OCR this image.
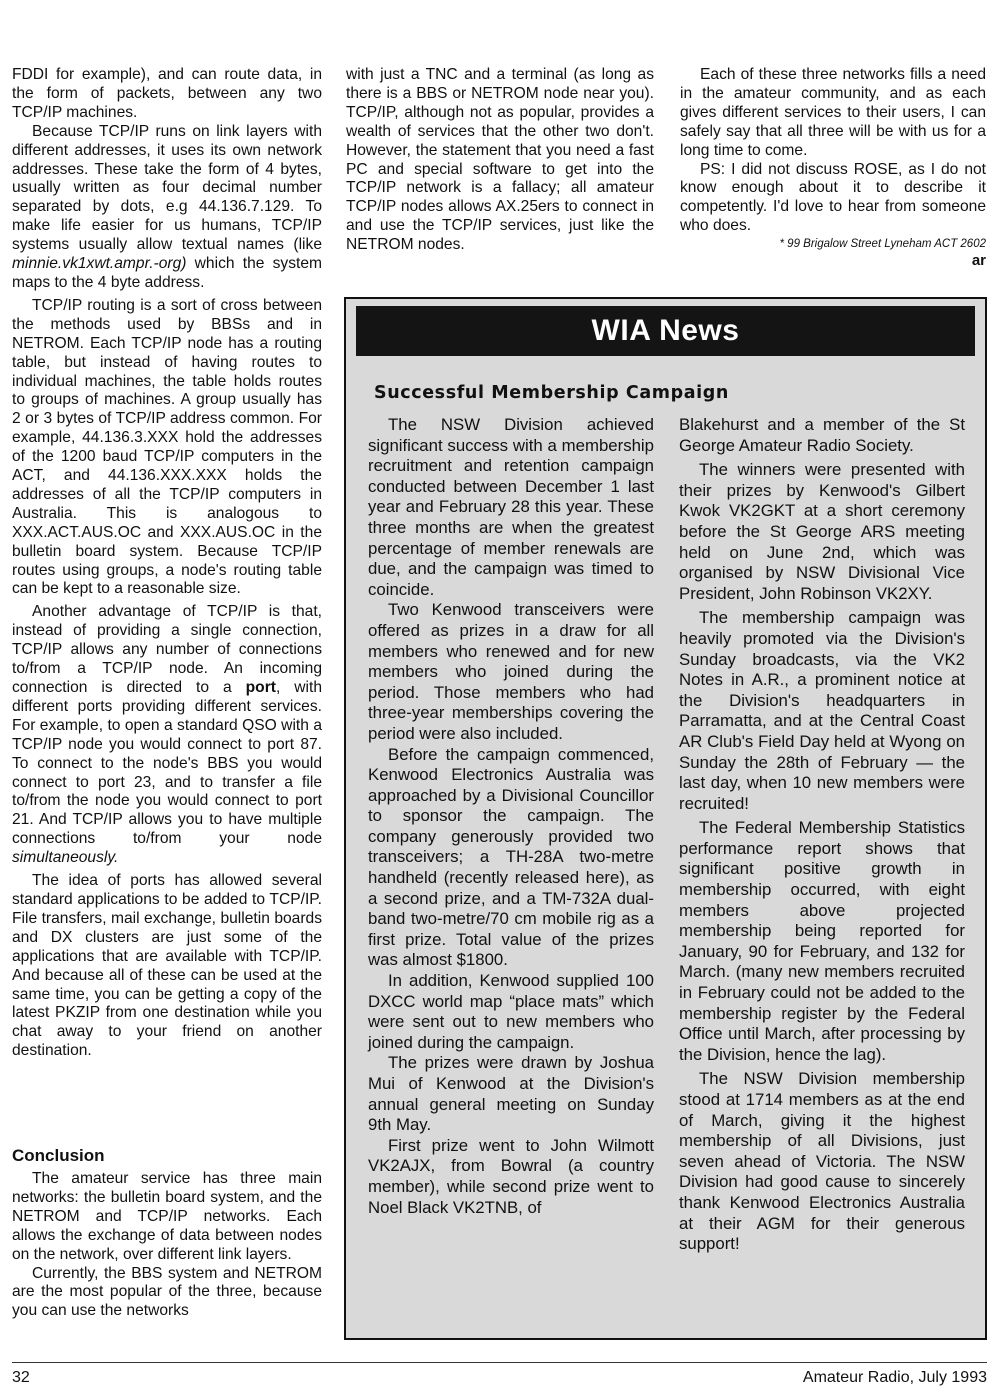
FDDI for example), and can route data, in the form of packets, between any two TCP/IP machines.

Because TCP/IP runs on link layers with different addresses, it uses its own network addresses. These take the form of 4 bytes, usually written as four decimal number separated by dots, e.g 44.136.7.129. To make life easier for us humans, TCP/IP systems usually allow textual names (like minnie.vk1xwt.ampr.-org) which the system maps to the 4 byte address.

TCP/IP routing is a sort of cross between the methods used by BBSs and in NETROM. Each TCP/IP node has a routing table, but instead of having routes to individual machines, the table holds routes to groups of machines. A group usually has 2 or 3 bytes of TCP/IP address common. For example, 44.136.3.XXX hold the addresses of the 1200 baud TCP/IP computers in the ACT, and 44.136.XXX.XXX holds the addresses of all the TCP/IP computers in Australia. This is analogous to XXX.ACT.AUS.OC and XXX.AUS.OC in the bulletin board system. Because TCP/IP routes using groups, a node's routing table can be kept to a reasonable size.

Another advantage of TCP/IP is that, instead of providing a single connection, TCP/IP allows any number of connections to/from a TCP/IP node. An incoming connection is directed to a port, with different ports providing different services. For example, to open a standard QSO with a TCP/IP node you would connect to port 87. To connect to the node's BBS you would connect to port 23, and to transfer a file to/from the node you would connect to port 21. And TCP/IP allows you to have multiple connections to/from your node simultaneously.

The idea of ports has allowed several standard applications to be added to TCP/IP. File transfers, mail exchange, bulletin boards and DX clusters are just some of the applications that are available with TCP/IP. And because all of these can be used at the same time, you can be getting a copy of the latest PKZIP from one destination while you chat away to your friend on another destination.

Conclusion

The amateur service has three main networks: the bulletin board system, and the NETROM and TCP/IP networks. Each allows the exchange of data between nodes on the network, over different link layers.

Currently, the BBS system and NETROM are the most popular of the three, because you can use the networks

with just a TNC and a terminal (as long as there is a BBS or NETROM node near you). TCP/IP, although not as popular, provides a wealth of services that the other two don't. However, the statement that you need a fast PC and special software to get into the TCP/IP network is a fallacy; all amateur TCP/IP nodes allows AX.25ers to connect in and use the TCP/IP services, just like the NETROM nodes.

Each of these three networks fills a need in the amateur community, and as each gives different services to their users, I can safely say that all three will be with us for a long time to come.

PS: I did not discuss ROSE, as I do not know enough about it to describe it competently. I'd love to hear from someone who does.

* 99 Brigalow Street Lyneham ACT 2602
ar
WIA News
Successful Membership Campaign

The NSW Division achieved significant success with a membership recruitment and retention campaign conducted between December 1 last year and February 28 this year. These three months are when the greatest percentage of member renewals are due, and the campaign was timed to coincide.

Two Kenwood transceivers were offered as prizes in a draw for all members who renewed and for new members who joined during the period. Those members who had three-year memberships covering the period were also included.

Before the campaign commenced, Kenwood Electronics Australia was approached by a Divisional Councillor to sponsor the campaign. The company generously provided two transceivers; a TH-28A two-metre handheld (recently released here), as a second prize, and a TM-732A dual-band two-metre/70 cm mobile rig as a first prize. Total value of the prizes was almost $1800.

In addition, Kenwood supplied 100 DXCC world map “place mats” which were sent out to new members who joined during the campaign.

The prizes were drawn by Joshua Mui of Kenwood at the Division's annual general meeting on Sunday 9th May.

First prize went to John Wilmott VK2AJX, from Bowral (a country member), while second prize went to Noel Black VK2TNB, of

Blakehurst and a member of the St George Amateur Radio Society.

The winners were presented with their prizes by Kenwood's Gilbert Kwok VK2GKT at a short ceremony before the St George ARS meeting held on June 2nd, which was organised by NSW Divisional Vice President, John Robinson VK2XY.

The membership campaign was heavily promoted via the Division's Sunday broadcasts, via the VK2 Notes in A.R., a prominent notice at the Division's headquarters in Parramatta, and at the Central Coast AR Club's Field Day held at Wyong on Sunday the 28th of February — the last day, when 10 new members were recruited!

The Federal Membership Statistics performance report shows that significant positive growth in membership occurred, with eight members above projected membership being reported for January, 90 for February, and 132 for March. (many new members recruited in February could not be added to the membership register by the Federal Office until March, after processing by the Division, hence the lag).

The NSW Division membership stood at 1714 members as at the end of March, giving it the highest membership of all Divisions, just seven ahead of Victoria. The NSW Division had good cause to sincerely thank Kenwood Electronics Australia at their AGM for their generous support!

32	Amateur Radio, July 1993
